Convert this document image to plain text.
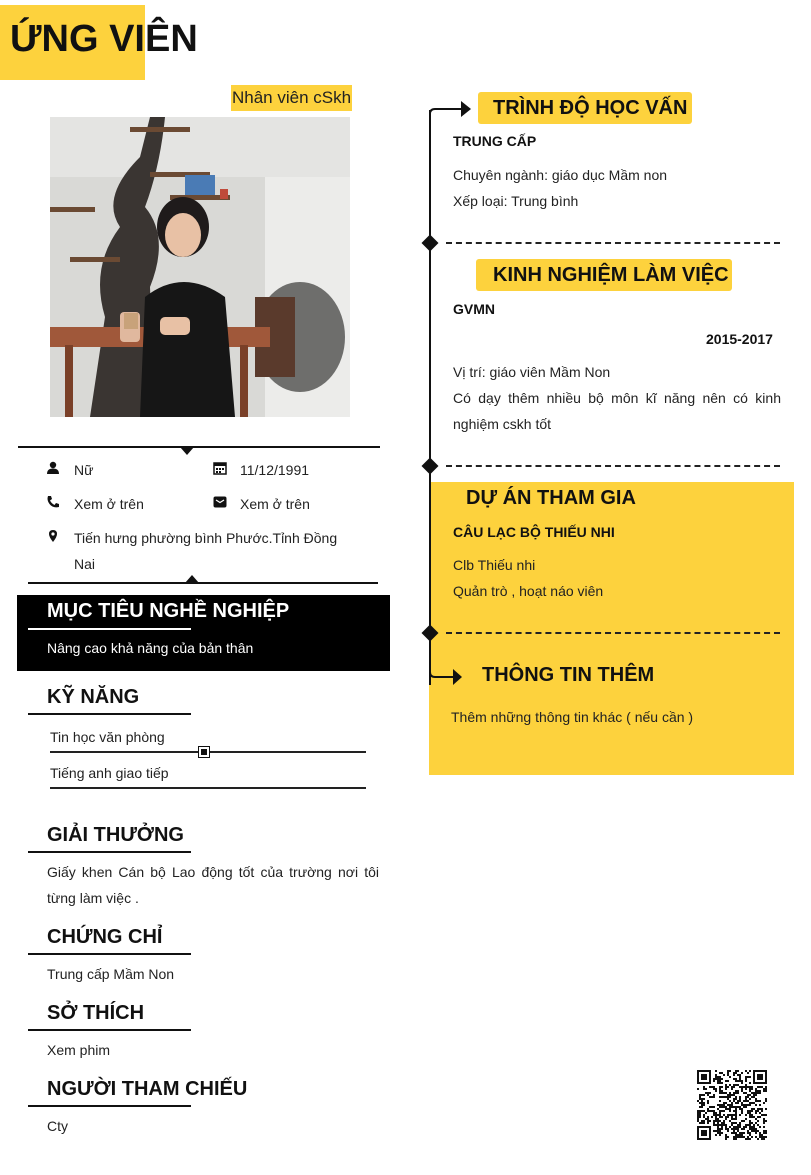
ỨNG VIÊN
Nhân viên cSkh
Nữ	11/12/1991
Xem ở trên	Xem ở trên
Tiến hưng phường bình Phước.Tỉnh Đồng
Nai
MỤC TIÊU NGHỀ NGHIỆP
Nâng cao khả năng của bản thân
KỸ NĂNG
Tin học văn phòng
Tiếng anh giao tiếp
GIẢI THƯỞNG
Giấy khen Cán bộ Lao động tốt của trường nơi tôi từng làm việc .
CHỨNG CHỈ
Trung cấp Mầm Non
SỞ THÍCH
Xem phim
NGƯỜI THAM CHIẾU
Cty
TRÌNH ĐỘ HỌC VẤN
TRUNG CẤP
Chuyên ngành: giáo dục Mầm non
Xếp loại: Trung bình
KINH NGHIỆM LÀM VIỆC
GVMN
2015-2017
Vị trí: giáo viên Mầm Non
Có dạy thêm nhiều bộ môn kĩ năng nên có kinh nghiệm cskh tốt
DỰ ÁN THAM GIA
CÂU LẠC BỘ THIẾU NHI
Clb Thiếu nhi
Quản trò , hoạt náo viên
THÔNG TIN THÊM
Thêm những thông tin khác ( nếu cần )
